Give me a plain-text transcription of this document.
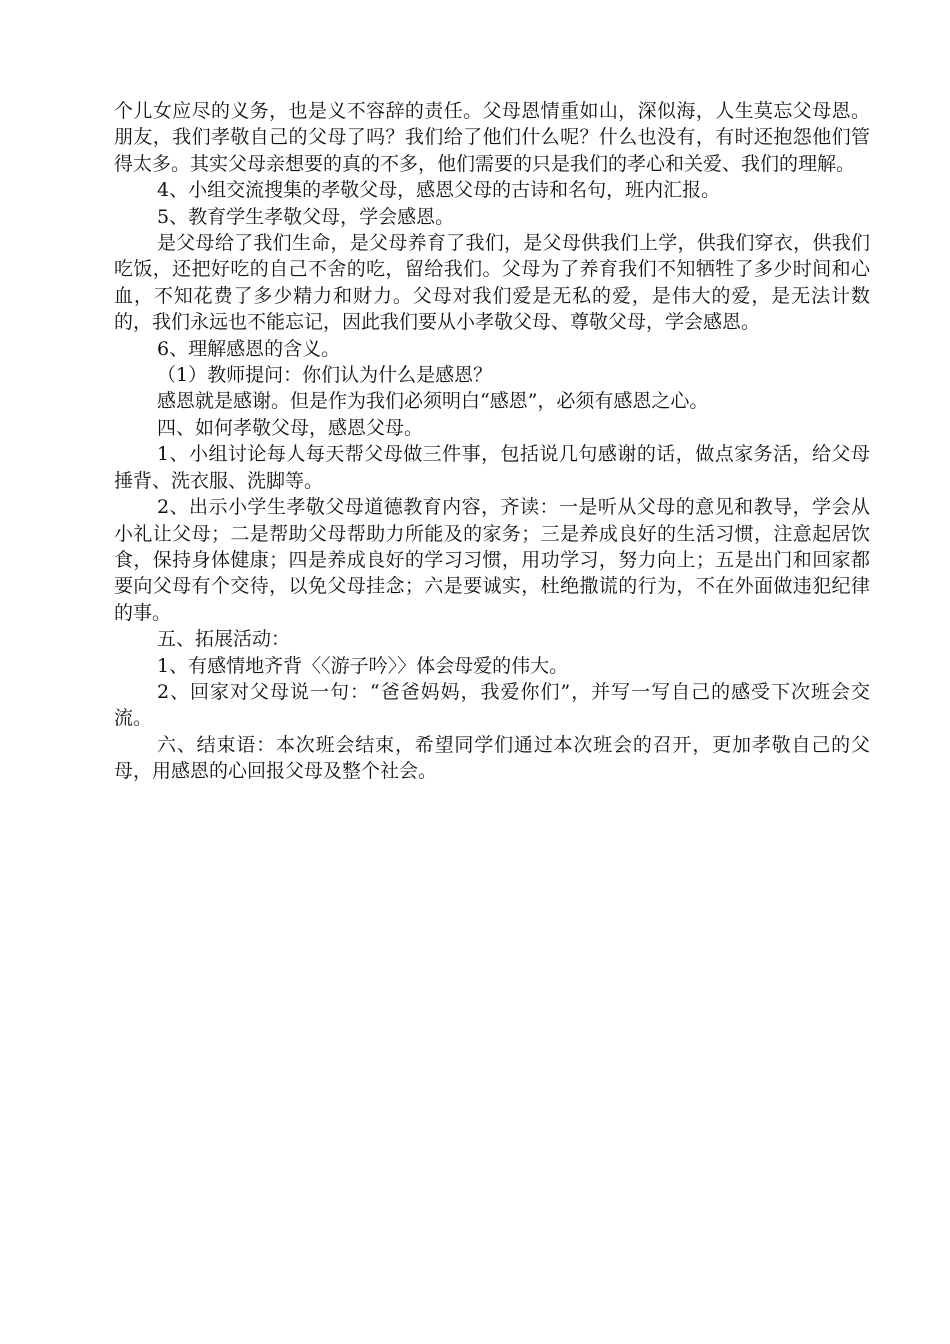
个儿女应尽的义务，也是义不容辞的责任。父母恩情重如山，深似海，人生莫忘父母恩。朋友，我们孝敬自己的父母了吗？我们给了他们什么呢？什么也没有，有时还抱怨他们管得太多。其实父母亲想要的真的不多，他们需要的只是我们的孝心和关爱、我们的理解。

4、小组交流搜集的孝敬父母，感恩父母的古诗和名句，班内汇报。

5、教育学生孝敬父母，学会感恩。

是父母给了我们生命，是父母养育了我们，是父母供我们上学，供我们穿衣，供我们吃饭，还把好吃的自己不舍的吃，留给我们。父母为了养育我们不知牺牲了多少时间和心血，不知花费了多少精力和财力。父母对我们爱是无私的爱，是伟大的爱，是无法计数的，我们永远也不能忘记，因此我们要从小孝敬父母、尊敬父母，学会感恩。

6、理解感恩的含义。

（1）教师提问：你们认为什么是感恩？

感恩就是感谢。但是作为我们必须明白“感恩”，必须有感恩之心。

四、如何孝敬父母，感恩父母。

1、小组讨论每人每天帮父母做三件事，包括说几句感谢的话，做点家务活，给父母捶背、洗衣服、洗脚等。

2、出示小学生孝敬父母道德教育内容，齐读：一是听从父母的意见和教导，学会从小礼让父母；二是帮助父母帮助力所能及的家务；三是养成良好的生活习惯，注意起居饮食，保持身体健康；四是养成良好的学习习惯，用功学习，努力向上；五是出门和回家都要向父母有个交待，以免父母挂念；六是要诚实，杜绝撒谎的行为，不在外面做违犯纪律的事。

五、拓展活动：

1、有感情地齐背〈〈游子吟〉〉体会母爱的伟大。

2、回家对父母说一句：“爸爸妈妈，我爱你们”，并写一写自己的感受下次班会交流。

六、结束语：本次班会结束，希望同学们通过本次班会的召开，更加孝敬自己的父母，用感恩的心回报父母及整个社会。
